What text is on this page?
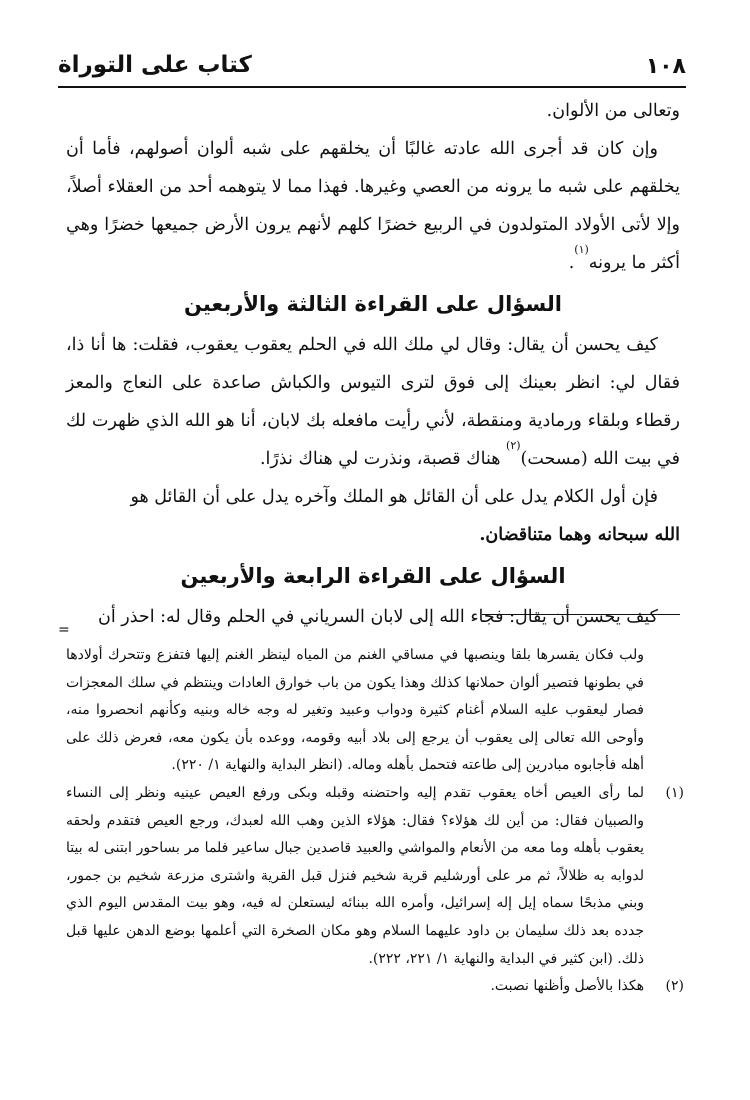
١٠٨
كتاب على التوراة

وتعالى من الألوان.

وإن كان قد أجرى الله عادته غالبًا أن يخلقهم على شبه ألوان أصولهم، فأما أن يخلقهم على شبه ما يرونه من العصي وغيرها. فهذا مما لا يتوهمه أحد من العقلاء أصلاً، وإلا لأتى الأولاد المتولدون في الربيع خضرًا كلهم لأنهم يرون الأرض جميعها خضرًا وهي أكثر ما يرونه$^{(١)}$.

السؤال على القراءة الثالثة والأربعين

كيف يحسن أن يقال: وقال لي ملك الله في الحلم يعقوب يعقوب، فقلت: ها أنا ذا، فقال لي: انظر بعينك إلى فوق لترى التيوس والكباش صاعدة على النعاج والمعز رقطاء وبلقاء ورمادية ومنقطة، لأني رأيت مافعله بك لابان، أنا هو الله الذي ظهرت لك في بيت الله (مسحت)$^{(٢)}$ هناك قصبة، ونذرت لي هناك نذرًا.

فإن أول الكلام يدل على أن القائل هو الملك وآخره يدل على أن القائل هو

الله سبحانه وهما متناقضان.

السؤال على القراءة الرابعة والأربعين

كيف يحسن أن يقال: فجاء الله إلى لابان السرياني في الحلم وقال له: احذر أن

=

ولب فكان يقسرها بلقا وينصبها في مساقي الغنم من المياه لينظر الغنم إليها فتفزع وتتحرك أولادها في بطونها فتصير ألوان حملانها كذلك وهذا يكون من باب خوارق العادات وينتظم في سلك المعجزات فصار ليعقوب عليه السلام أغنام كثيرة ودواب وعبيد وتغير له وجه خاله وبنيه وكأنهم انحصروا منه، وأوحى الله تعالى إلى يعقوب أن يرجع إلى بلاد أبيه وقومه، ووعده بأن يكون معه، فعرض ذلك على أهله فأجابوه مبادرين إلى طاعته فتحمل بأهله وماله. (انظر البداية والنهاية ١/ ٢٢٠).

(١)
لما رأى العيص أخاه يعقوب تقدم إليه واحتضنه وقبله وبكى ورفع العيص عينيه ونظر إلى النساء والصبيان فقال: من أين لك هؤلاء؟ فقال: هؤلاء الذين وهب الله لعبدك، ورجع العيص فتقدم ولحقه يعقوب بأهله وما معه من الأنعام والمواشي والعبيد قاصدين جبال ساعير فلما مر بساحور ابتنى له بيتا لدوابه به ظلالاً، ثم مر على أورشليم قرية شخيم فنزل قبل القرية واشترى مزرعة شخيم بن جمور، وبني مذبحًا سماه إيل إله إسرائيل، وأمره الله ببنائه ليستعلن له فيه، وهو بيت المقدس اليوم الذي جدده بعد ذلك سليمان بن داود عليهما السلام وهو مكان الصخرة التي أعلمها بوضع الدهن عليها قبل ذلك. (ابن كثير في البداية والنهاية ١/ ٢٢١، ٢٢٢).

(٢)
هكذا بالأصل وأظنها نصبت.
